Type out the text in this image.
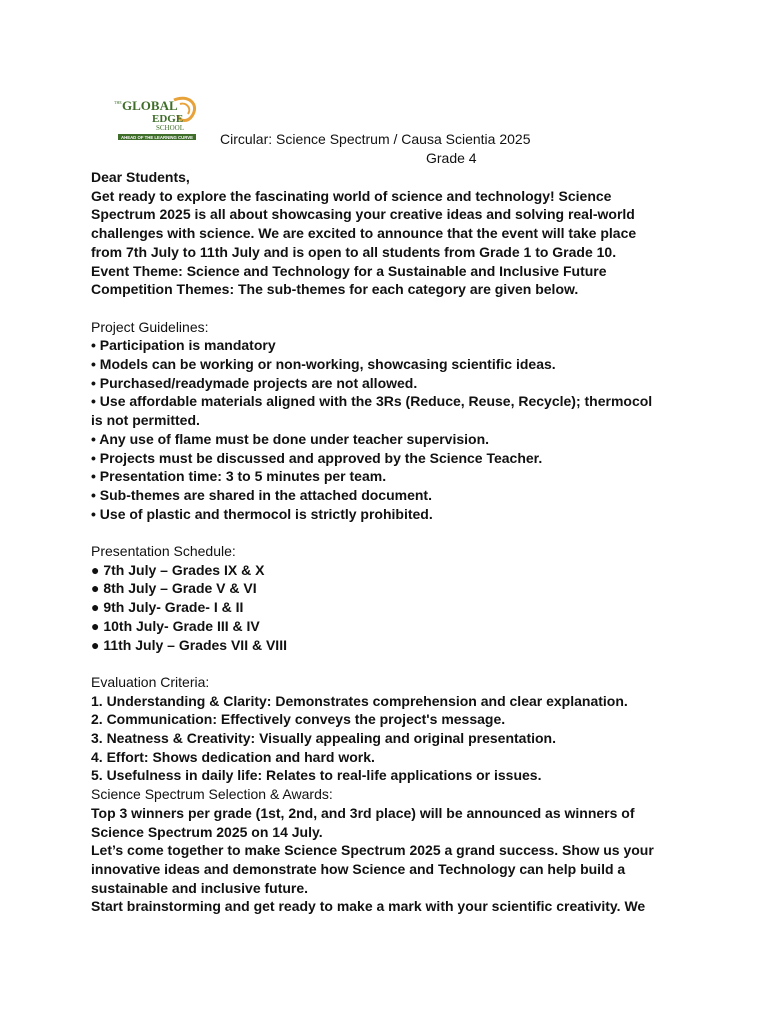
THE GLOBAL
EDGE
SCHOOL
AHEAD OF THE LEARNING CURVE Circular: Science Spectrum / Causa Scientia 2025
Grade 4
Dear Students,
Get ready to explore the fascinating world of science and technology! Science
Spectrum 2025 is all about showcasing your creative ideas and solving real-world
challenges with science. We are excited to announce that the event will take place
from 7th July to 11th July and is open to all students from Grade 1 to Grade 10.
Event Theme: Science and Technology for a Sustainable and Inclusive Future
Competition Themes: The sub-themes for each category are given below.
Project Guidelines:
• Participation is mandatory
• Models can be working or non-working, showcasing scientific ideas.
• Purchased/readymade projects are not allowed.
• Use affordable materials aligned with the 3Rs (Reduce, Reuse, Recycle); thermocol
is not permitted.
• Any use of flame must be done under teacher supervision.
• Projects must be discussed and approved by the Science Teacher.
• Presentation time: 3 to 5 minutes per team.
• Sub-themes are shared in the attached document.
• Use of plastic and thermocol is strictly prohibited.
Presentation Schedule:
● 7th July – Grades IX & X
● 8th July – Grade V & VI
● 9th July- Grade- I & II
● 10th July- Grade III & IV
● 11th July – Grades VII & VIII
Evaluation Criteria:
1. Understanding & Clarity: Demonstrates comprehension and clear explanation.
2. Communication: Effectively conveys the project's message.
3. Neatness & Creativity: Visually appealing and original presentation.
4. Effort: Shows dedication and hard work.
5. Usefulness in daily life: Relates to real-life applications or issues.
Science Spectrum Selection & Awards:
Top 3 winners per grade (1st, 2nd, and 3rd place) will be announced as winners of
Science Spectrum 2025 on 14 July.
Let’s come together to make Science Spectrum 2025 a grand success. Show us your
innovative ideas and demonstrate how Science and Technology can help build a
sustainable and inclusive future.
Start brainstorming and get ready to make a mark with your scientific creativity. We
